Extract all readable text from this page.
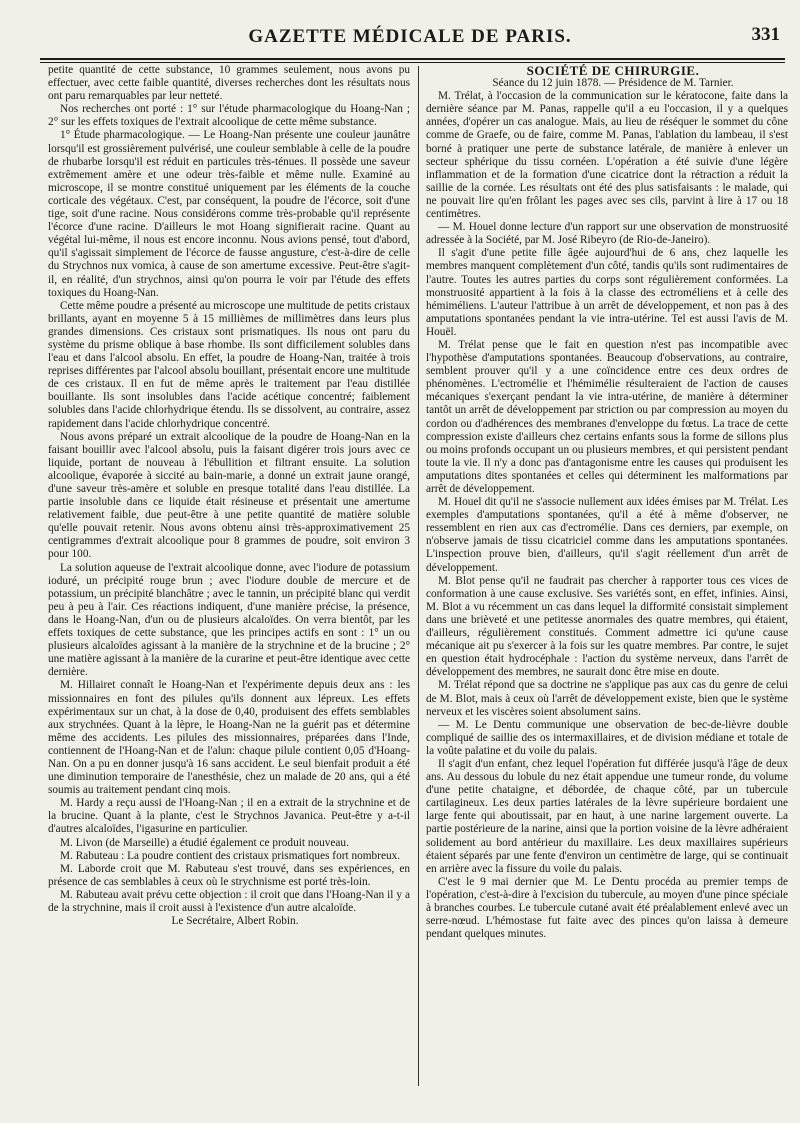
GAZETTE MÉDICALE DE PARIS.	331

petite quantité de cette substance, 10 grammes seulement, nous avons pu effectuer, avec cette faible quantité, diverses recherches dont les résultats nous ont paru remarquables par leur netteté.

Nos recherches ont porté : 1° sur l'étude pharmacologique du Hoang-Nan ; 2° sur les effets toxiques de l'extrait alcoolique de cette même substance.

1° Étude pharmacologique. — Le Hoang-Nan présente une couleur jaunâtre lorsqu'il est grossièrement pulvérisé, une couleur semblable à celle de la poudre de rhubarbe lorsqu'il est réduit en particules très-ténues. Il possède une saveur extrêmement amère et une odeur très-faible et même nulle. Examiné au microscope, il se montre constitué uniquement par les éléments de la couche corticale des végétaux. C'est, par conséquent, la poudre de l'écorce, soit d'une tige, soit d'une racine. Nous considérons comme très-probable qu'il représente l'écorce d'une racine. D'ailleurs le mot Hoang signifierait racine. Quant au végétal lui-même, il nous est encore inconnu. Nous avions pensé, tout d'abord, qu'il s'agissait simplement de l'écorce de fausse angusture, c'est-à-dire de celle du Strychnos nux vomica, à cause de son amertume excessive. Peut-être s'agit-il, en réalité, d'un strychnos, ainsi qu'on pourra le voir par l'étude des effets toxiques du Hoang-Nan.

Cette même poudre a présenté au microscope une multitude de petits cristaux brillants, ayant en moyenne 5 à 15 millièmes de millimètres dans leurs plus grandes dimensions. Ces cristaux sont prismatiques. Ils nous ont paru du système du prisme oblique à base rhombe. Ils sont difficilement solubles dans l'eau et dans l'alcool absolu. En effet, la poudre de Hoang-Nan, traitée à trois reprises différentes par l'alcool absolu bouillant, présentait encore une multitude de ces cristaux. Il en fut de même après le traitement par l'eau distillée bouillante. Ils sont insolubles dans l'acide acétique concentré; faiblement solubles dans l'acide chlorhydrique étendu. Ils se dissolvent, au contraire, assez rapidement dans l'acide chlorhydrique concentré.

Nous avons préparé un extrait alcoolique de la poudre de Hoang-Nan en la faisant bouillir avec l'alcool absolu, puis la faisant digérer trois jours avec ce liquide, portant de nouveau à l'ébullition et filtrant ensuite. La solution alcoolique, évaporée à siccité au bain-marie, a donné un extrait jaune orangé, d'une saveur très-amère et soluble en presque totalité dans l'eau distillée. La partie insoluble dans ce liquide était résineuse et présentait une amertume relativement faible, due peut-être à une petite quantité de matière soluble qu'elle pouvait retenir. Nous avons obtenu ainsi très-approximativement 25 centigrammes d'extrait alcoolique pour 8 grammes de poudre, soit environ 3 pour 100.

La solution aqueuse de l'extrait alcoolique donne, avec l'iodure de potassium ioduré, un précipité rouge brun ; avec l'iodure double de mercure et de potassium, un précipité blanchâtre ; avec le tannin, un précipité blanc qui verdit peu à peu à l'air. Ces réactions indiquent, d'une manière précise, la présence, dans le Hoang-Nan, d'un ou de plusieurs alcaloïdes. On verra bientôt, par les effets toxiques de cette substance, que les principes actifs en sont : 1° un ou plusieurs alcaloïdes agissant à la manière de la strychnine et de la brucine ; 2° une matière agissant à la manière de la curarine et peut-être identique avec cette dernière.

M. Hillairet connaît le Hoang-Nan et l'expérimente depuis deux ans : les missionnaires en font des pilules qu'ils donnent aux lépreux. Les effets expérimentaux sur un chat, à la dose de 0,40, produisent des effets semblables aux strychnées. Quant à la lèpre, le Hoang-Nan ne la guérit pas et détermine même des accidents. Les pilules des missionnaires, préparées dans l'Inde, contiennent de l'Hoang-Nan et de l'alun: chaque pilule contient 0,05 d'Hoang-Nan. On a pu en donner jusqu'à 16 sans accident. Le seul bienfait produit a été une diminution temporaire de l'anesthésie, chez un malade de 20 ans, qui a été soumis au traitement pendant cinq mois.

M. Hardy a reçu aussi de l'Hoang-Nan ; il en a extrait de la strychnine et de la brucine. Quant à la plante, c'est le Strychnos Javanica. Peut-être y a-t-il d'autres alcaloïdes, l'igasurine en particulier.

M. Livon (de Marseille) a étudié également ce produit nouveau.

M. Rabuteau : La poudre contient des cristaux prismatiques fort nombreux.

M. Laborde croit que M. Rabuteau s'est trouvé, dans ses expériences, en présence de cas semblables à ceux où le strychnisme est porté très-loin.

M. Rabuteau avait prévu cette objection : il croit que dans l'Hoang-Nan il y a de la strychnine, mais il croit aussi à l'existence d'un autre alcaloïde.

Le Secrétaire, Albert Robin.

SOCIÉTÉ DE CHIRURGIE.

Séance du 12 juin 1878. — Présidence de M. Tarnier.

M. Trélat, à l'occasion de la communication sur le kératocone, faite dans la dernière séance par M. Panas, rappelle qu'il a eu l'occasion, il y a quelques années, d'opérer un cas analogue. Mais, au lieu de réséquer le sommet du cône comme de Graefe, ou de faire, comme M. Panas, l'ablation du lambeau, il s'est borné à pratiquer une perte de substance latérale, de manière à enlever un secteur sphérique du tissu cornéen. L'opération a été suivie d'une légère inflammation et de la formation d'une cicatrice dont la rétraction a réduit la saillie de la cornée. Les résultats ont été des plus satisfaisants : le malade, qui ne pouvait lire qu'en frôlant les pages avec ses cils, parvint à lire à 17 ou 18 centimètres.

— M. Houel donne lecture d'un rapport sur une observation de monstruosité adressée à la Société, par M. José Ribeyro (de Rio-de-Janeiro).

Il s'agit d'une petite fille âgée aujourd'hui de 6 ans, chez laquelle les membres manquent complètement d'un côté, tandis qu'ils sont rudimentaires de l'autre. Toutes les autres parties du corps sont régulièrement conformées. La monstruosité appartient à la fois à la classe des ectroméliens et à celle des hémiméliens. L'auteur l'attribue à un arrêt de développement, et non pas à des amputations spontanées pendant la vie intra-utérine. Tel est aussi l'avis de M. Houël.

M. Trélat pense que le fait en question n'est pas incompatible avec l'hypothèse d'amputations spontanées. Beaucoup d'observations, au contraire, semblent prouver qu'il y a une coïncidence entre ces deux ordres de phénomènes. L'ectromélie et l'hémimélie résulteraient de l'action de causes mécaniques s'exerçant pendant la vie intra-utérine, de manière à déterminer tantôt un arrêt de développement par striction ou par compression au moyen du cordon ou d'adhérences des membranes d'enveloppe du fœtus. La trace de cette compression existe d'ailleurs chez certains enfants sous la forme de sillons plus ou moins profonds occupant un ou plusieurs membres, et qui persistent pendant toute la vie. Il n'y a donc pas d'antagonisme entre les causes qui produisent les amputations dites spontanées et celles qui déterminent les malformations par arrêt de développement.

M. Houel dit qu'il ne s'associe nullement aux idées émises par M. Trélat. Les exemples d'amputations spontanées, qu'il a été à même d'observer, ne ressemblent en rien aux cas d'ectromélie. Dans ces derniers, par exemple, on n'observe jamais de tissu cicatriciel comme dans les amputations spontanées. L'inspection prouve bien, d'ailleurs, qu'il s'agit réellement d'un arrêt de développement.

M. Blot pense qu'il ne faudrait pas chercher à rapporter tous ces vices de conformation à une cause exclusive. Ses variétés sont, en effet, infinies. Ainsi, M. Blot a vu récemment un cas dans lequel la difformité consistait simplement dans une brièveté et une petitesse anormales des quatre membres, qui étaient, d'ailleurs, régulièrement constitués. Comment admettre ici qu'une cause mécanique ait pu s'exercer à la fois sur les quatre membres. Par contre, le sujet en question était hydrocéphale : l'action du système nerveux, dans l'arrêt de développement des membres, ne saurait donc être mise en doute.

M. Trélat répond que sa doctrine ne s'applique pas aux cas du genre de celui de M. Blot, mais à ceux où l'arrêt de développement existe, bien que le système nerveux et les viscères soient absolument sains.

— M. Le Dentu communique une observation de bec-de-lièvre double compliqué de saillie des os intermaxillaires, et de division médiane et totale de la voûte palatine et du voile du palais.

Il s'agit d'un enfant, chez lequel l'opération fut différée jusqu'à l'âge de deux ans. Au dessous du lobule du nez était appendue une tumeur ronde, du volume d'une petite chataigne, et débordée, de chaque côté, par un tubercule cartilagineux. Les deux parties latérales de la lèvre supérieure bordaient une large fente qui aboutissait, par en haut, à une narine largement ouverte. La partie postérieure de la narine, ainsi que la portion voisine de la lèvre adhéraient solidement au bord antérieur du maxillaire. Les deux maxillaires supérieurs étaient séparés par une fente d'environ un centimètre de large, qui se continuait en arrière avec la fissure du voile du palais.

C'est le 9 mai dernier que M. Le Dentu procéda au premier temps de l'opération, c'est-à-dire à l'excision du tubercule, au moyen d'une pince spéciale à branches courbes. Le tubercule cutané avait été préalablement enlevé avec un serre-nœud. L'hémostase fut faite avec des pinces qu'on laissa à demeure pendant quelques minutes.
